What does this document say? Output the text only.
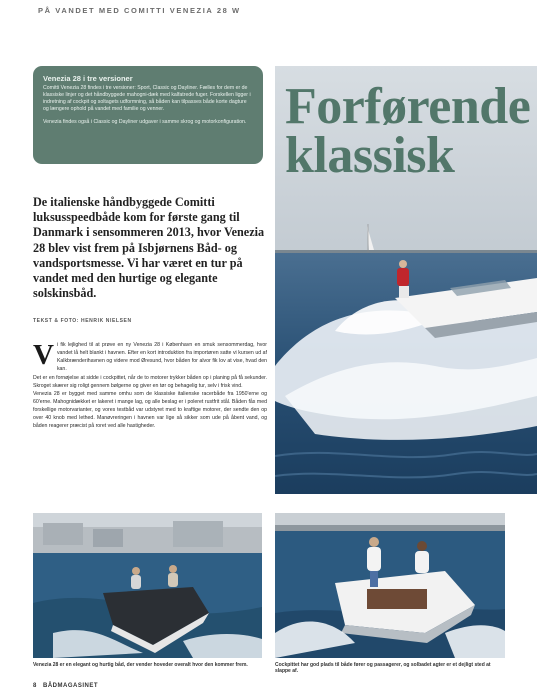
PÅ VANDET MED COMITTI VENEZIA 28 W
Venezia 28 i tre versioner
Comitti Venezia 28 findes i tre versioner: Sport, Classic og Dayliner. Fælles for dem er de klassiske linjer og det håndbyggede mahogni-dæk med kalfatrede fuger. Forskellen ligger i indretning af cockpit og soltagets udformning, så båden kan tilpasses både korte dagture og længere ophold på vandet med familie og venner.
Venezia findes også i Classic og Dayliner udgaver i samme skrog og motorkonfiguration. Forførende
klassisk
De italienske håndbyggede Comitti luksusspeedbåde kom for første gang til Danmark i sensommeren 2013, hvor Venezia 28 blev vist frem på Isbjørnens Båd- og vandsportsmesse. Vi har været en tur på vandet med den hurtige og elegante solskinsbåd.
TEKST & FOTO: HENRIK NIELSEN
V i fik lejlighed til at prøve en ny Venezia 28 i København en smuk sensommerdag, hvor vandet lå helt blankt i havnen. Efter en kort introduktion fra importøren satte vi kursen ud af Kalkbrænderihavnen og videre mod Øresund, hvor båden for alvor fik lov at vise, hvad den kan.

Det er en fornøjelse at sidde i cockpittet, når de to motorer trykker båden op i planing på få sekunder. Skroget skærer sig roligt gennem bølgerne og giver en tør og behagelig tur, selv i frisk vind.

Venezia 28 er bygget med samme omhu som de klassiske italienske racerbåde fra 1950'erne og 60'erne. Mahognidækket er lakeret i mange lag, og alle beslag er i poleret rustfrit stål. Båden fås med forskellige motorvarianter, og vores testbåd var udstyret med to kraftige motorer, der sendte den op over 40 knob med lethed. Manøvreringen i havnen var lige så sikker som ude på åbent vand, og båden reagerer præcist på roret ved alle hastigheder.

Venezia 28 er en elegant og hurtig båd, der vender hoveder overalt hvor den kommer frem.	Cockpittet har god plads til både fører og passagerer, og solbadet agter er et dejligt sted at slappe af.
8 BÅDMAGASINET
